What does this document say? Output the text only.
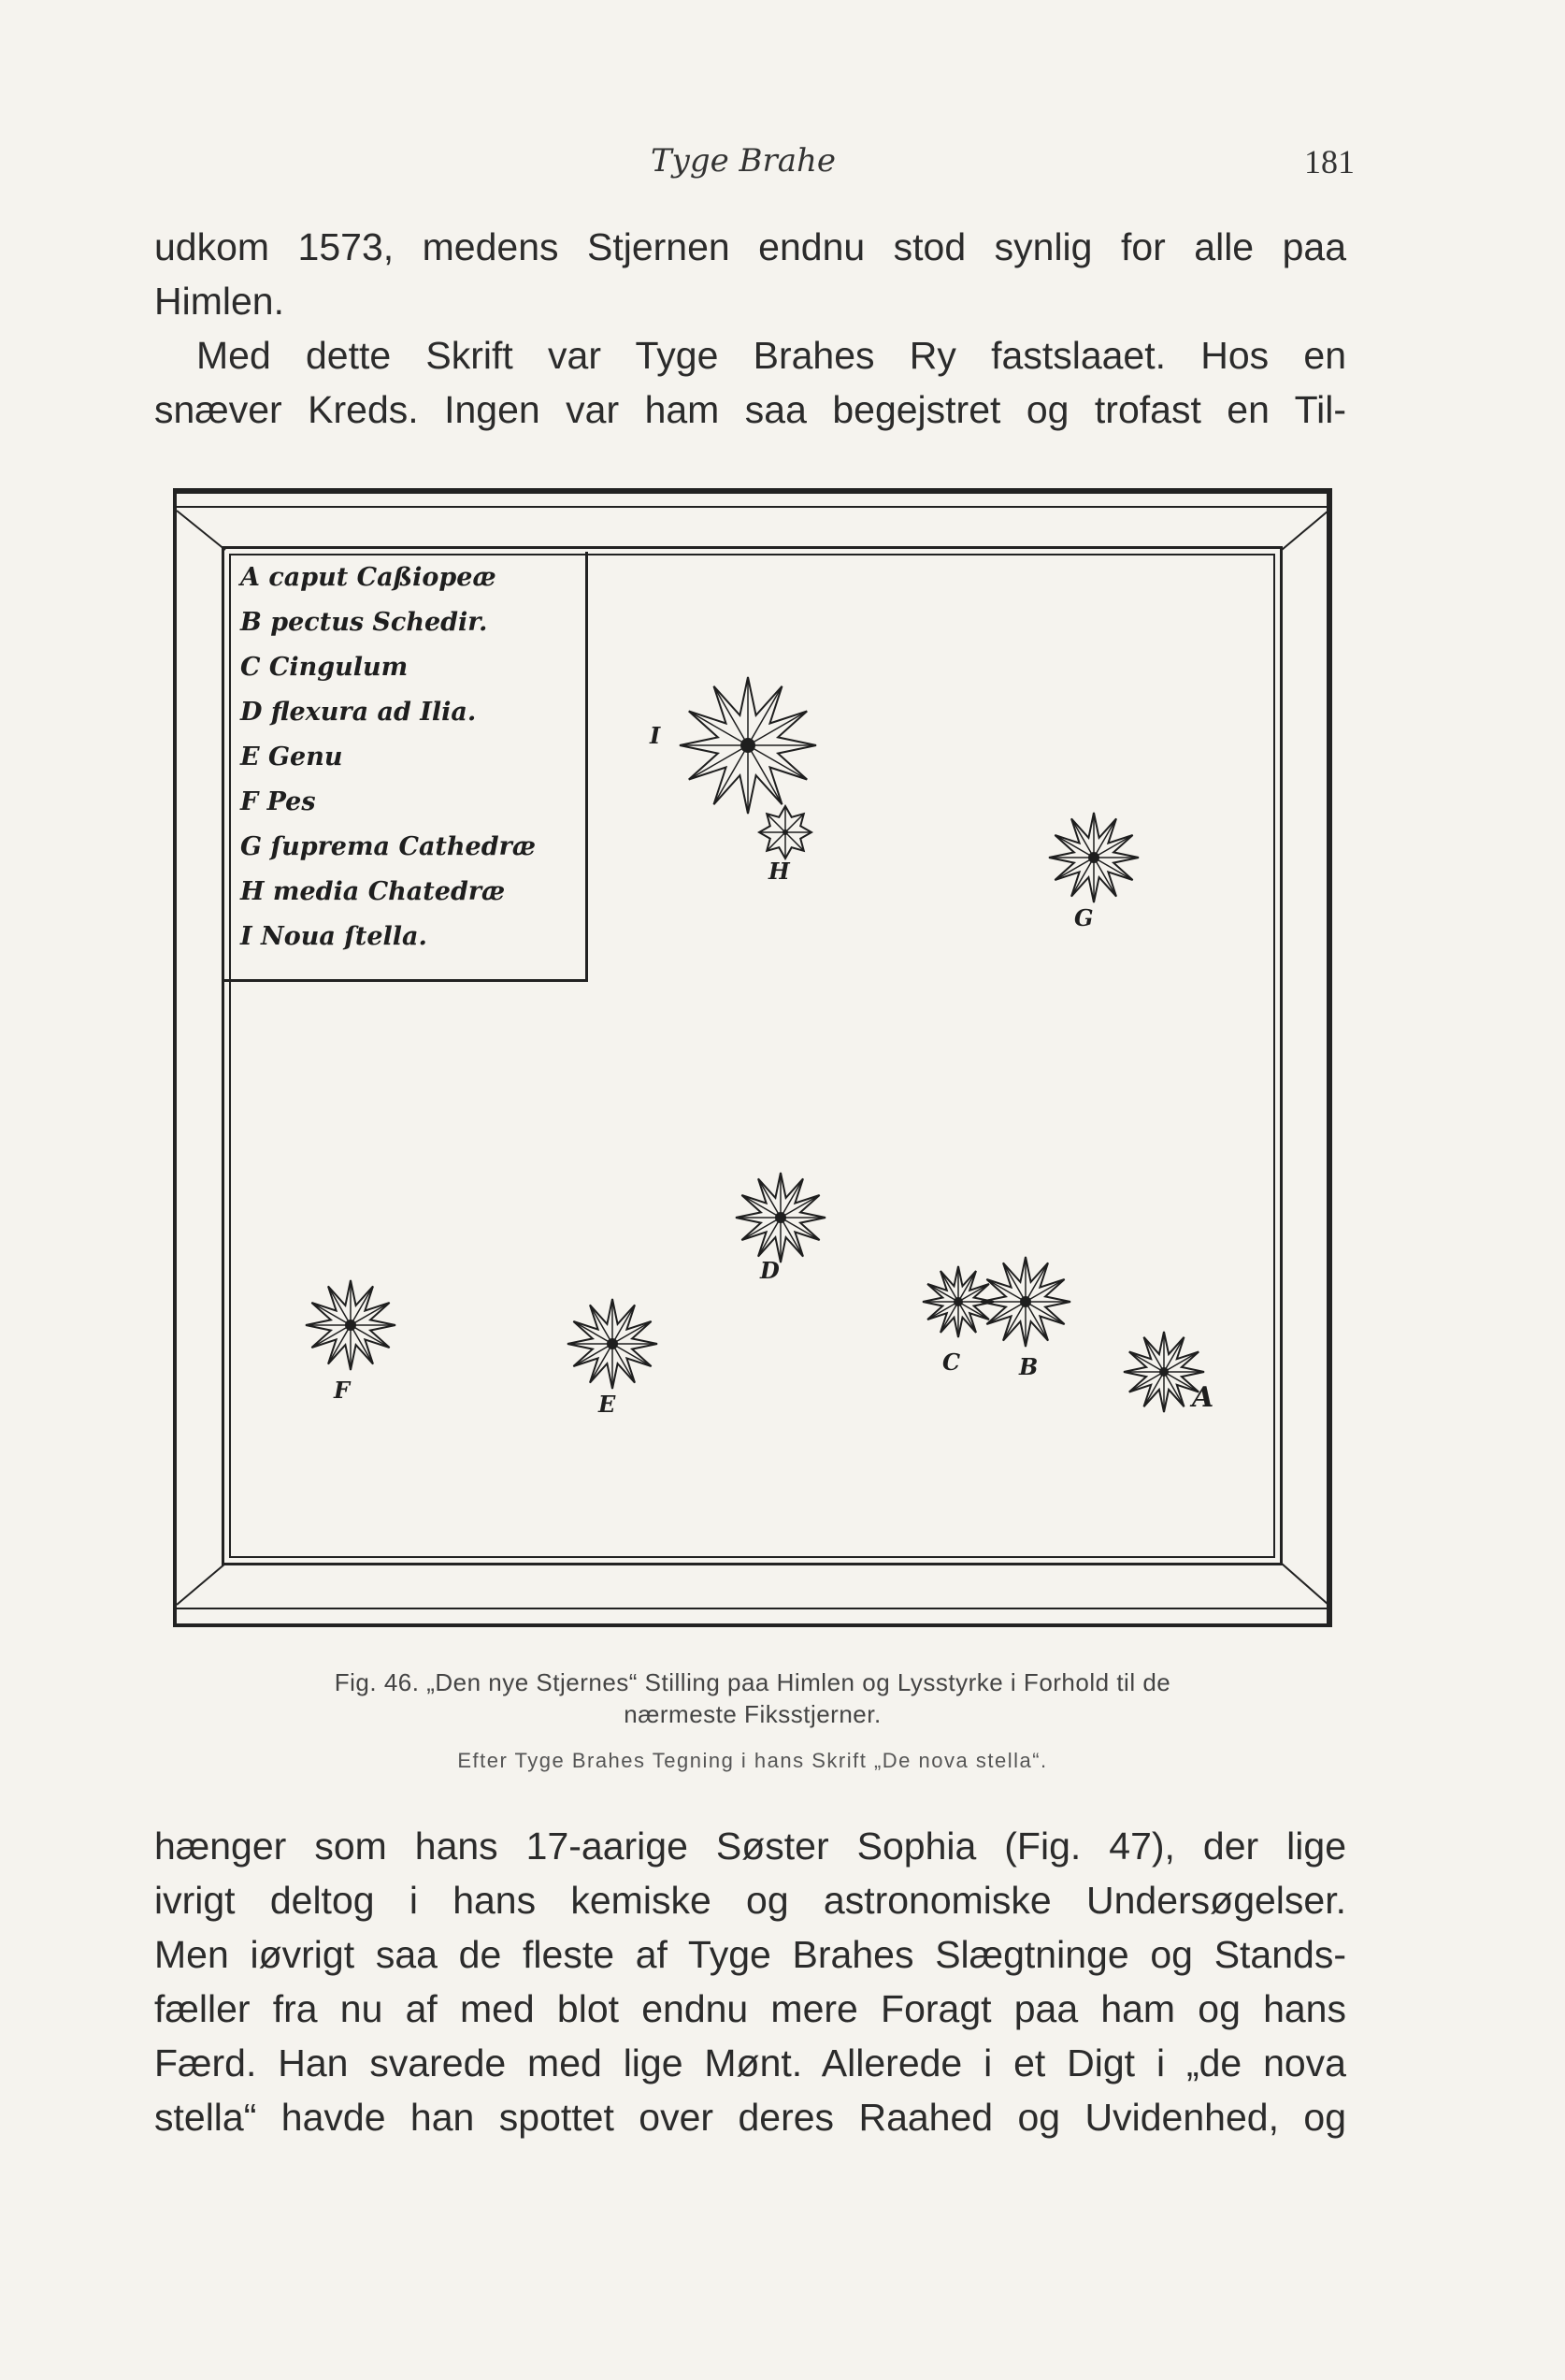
Tyge Brahe	181
udkom 1573, medens Stjernen endnu stod synlig for alle paa
Himlen.
Med dette Skrift var Tyge Brahes Ry fastslaaet. Hos en
snæver Kreds. Ingen var ham saa begejstret og trofast en Til-
A caput Caßiopeæ
B pectus Schedir.
C Cingulum
D flexura ad Ilia.
E Genu
F Pes
G ſuprema Cathedræ
H media Chatedræ
I Noua ſtella.
I
H
G
D
F
E
C	B
A
Fig. 46. „Den nye Stjernes“ Stilling paa Himlen og Lysstyrke i Forhold til de
nærmeste Fiksstjerner.
Efter Tyge Brahes Tegning i hans Skrift „De nova stella“.
hænger som hans 17-aarige Søster Sophia (Fig. 47), der lige
ivrigt deltog i hans kemiske og astronomiske Undersøgelser.
Men iøvrigt saa de fleste af Tyge Brahes Slægtninge og Stands-
fæller fra nu af med blot endnu mere Foragt paa ham og hans
Færd. Han svarede med lige Mønt. Allerede i et Digt i „de nova
stella“ havde han spottet over deres Raahed og Uvidenhed, og
